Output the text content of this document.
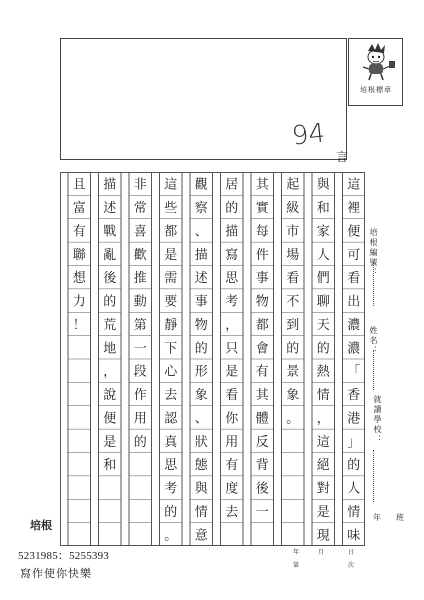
培根標章
94
言
這
裡
便
可
看
出
濃
濃
「
香
港
」
的
人
情
味
與
和
家
人
們
聊
天
的
熱
情
，
這
絕
對
是
現
起
級
市
場
看
不
到
的
景
象
。
其
實
每
件
事
物
都
會
有
其
體
反
背
後
一
居
的
描
寫
思
考
，
只
是
看
你
用
有
度
去
觀
察
、
描
述
事
物
的
形
象
、
狀
態
與
情
意
這
些
都
是
需
要
靜
下
心
去
認
真
思
考
的
。
非
常
喜
歡
推
動
第
一
段
作
用
的
描
述
戰
亂
後
的
荒
地
，
說
便
是
和
且
富
有
聯
想
力
！
培根編號：
姓名：
就讀學校：
年 班
年	月	日
第	次
培根
5231985：5255393
寫作使你快樂
